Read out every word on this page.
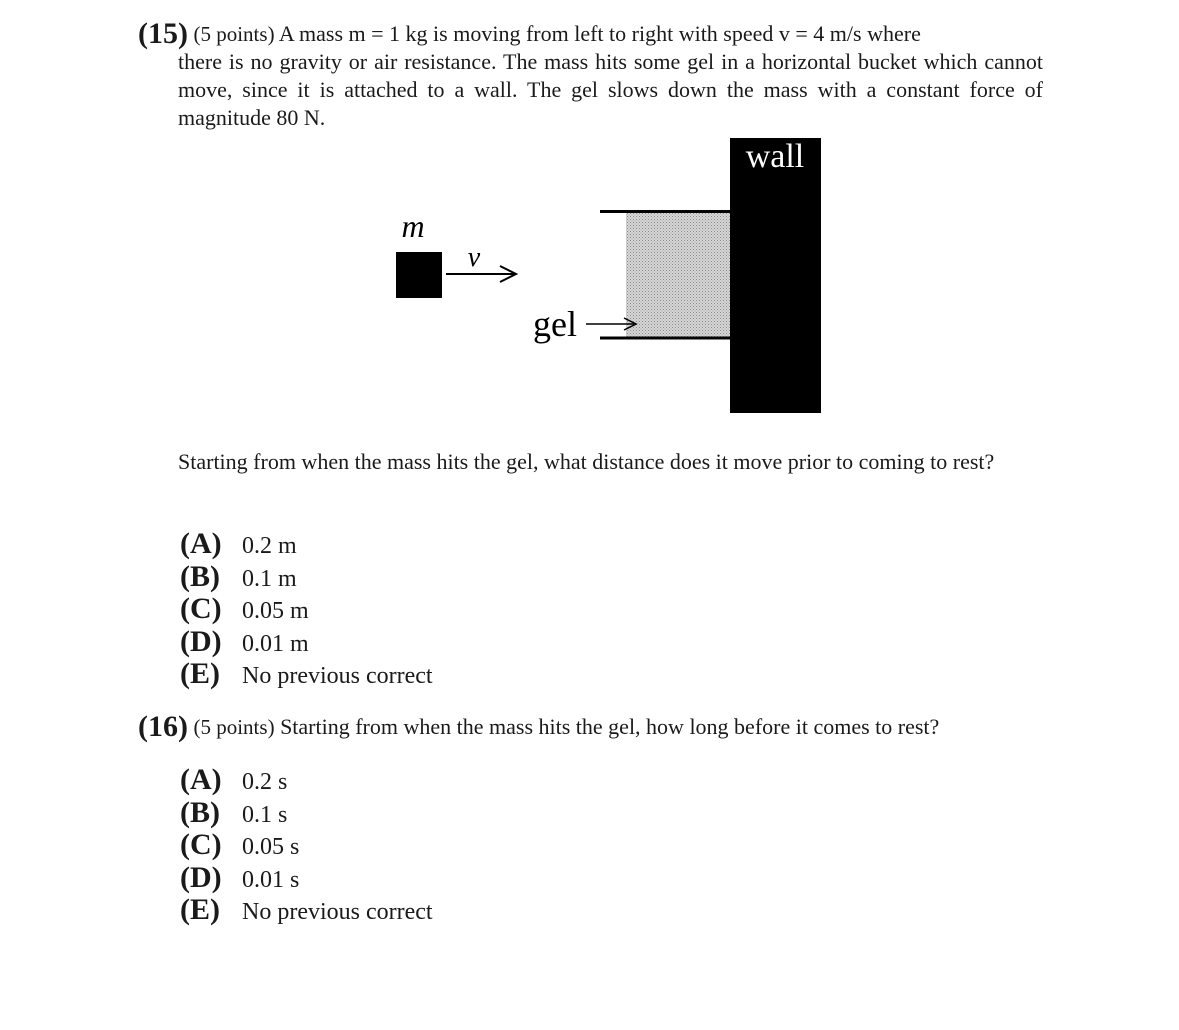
(15) (5 points) A mass m = 1 kg is moving from left to right with speed v = 4 m/s where
there is no gravity or air resistance. The mass hits some gel in a horizontal bucket which cannot move, since it is attached to a wall. The gel slows down the mass with a constant force of magnitude 80 N.
wall
m
v
gel
Starting from when the mass hits the gel, what distance does it move prior to coming to rest?
(A) 0.2 m
(B) 0.1 m
(C) 0.05 m
(D) 0.01 m
(E) No previous correct
(16) (5 points) Starting from when the mass hits the gel, how long before it comes to rest?
(A) 0.2 s
(B) 0.1 s
(C) 0.05 s
(D) 0.01 s
(E) No previous correct
